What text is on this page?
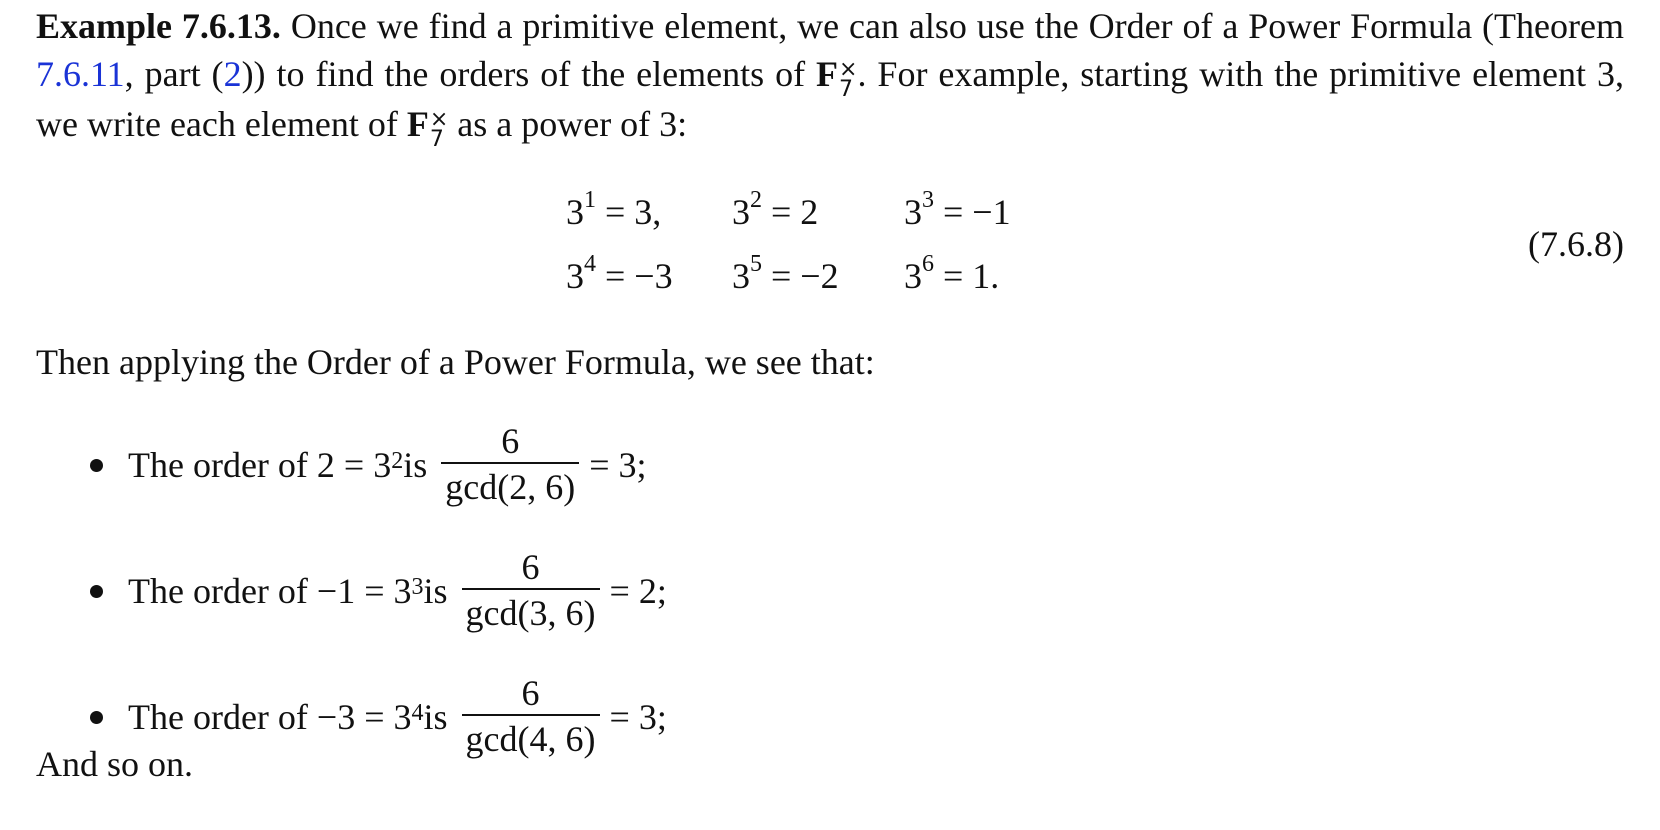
Example 7.6.13. Once we find a primitive element, we can also use the Order of a Power Formula (Theorem 7.6.11, part (2)) to find the orders of the elements of F ×
7 . For example, starting with the primitive element 3, we write each element of F ×
7 as a power of 3:

$3^1 = 3$,	$3^2 = 2$	$3^3 = -1$
$3^4 = -3$	$3^5 = -2$	$3^6 = 1$.
(7.6.8)

Then applying the Order of a Power Formula, we see that:

The order of $2 = 3^2$ is $\frac{6}{\gcd(2, 6)} = 3$;
The order of $-1 = 3^3$ is $\frac{6}{\gcd(3, 6)} = 2$;
The order of $-3 = 3^4$ is $\frac{6}{\gcd(4, 6)} = 3$;

And so on.
